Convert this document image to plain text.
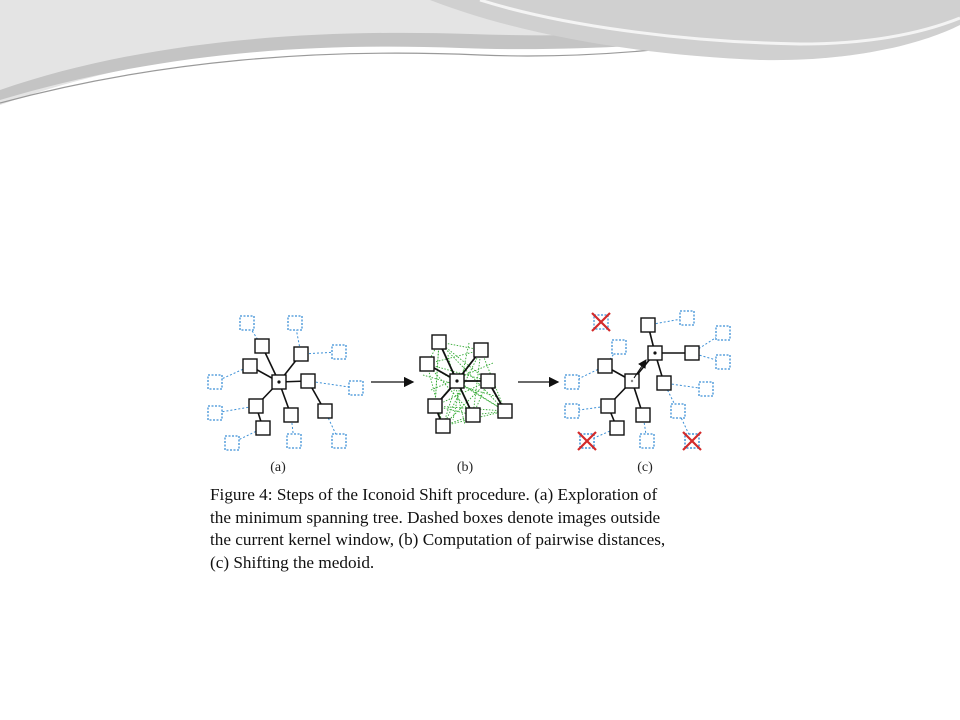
(a)	(b)	(c)

Figure 4: Steps of the Iconoid Shift procedure. (a) Exploration of
the minimum spanning tree. Dashed boxes denote images outside
the current kernel window, (b) Computation of pairwise distances,
(c) Shifting the medoid.
